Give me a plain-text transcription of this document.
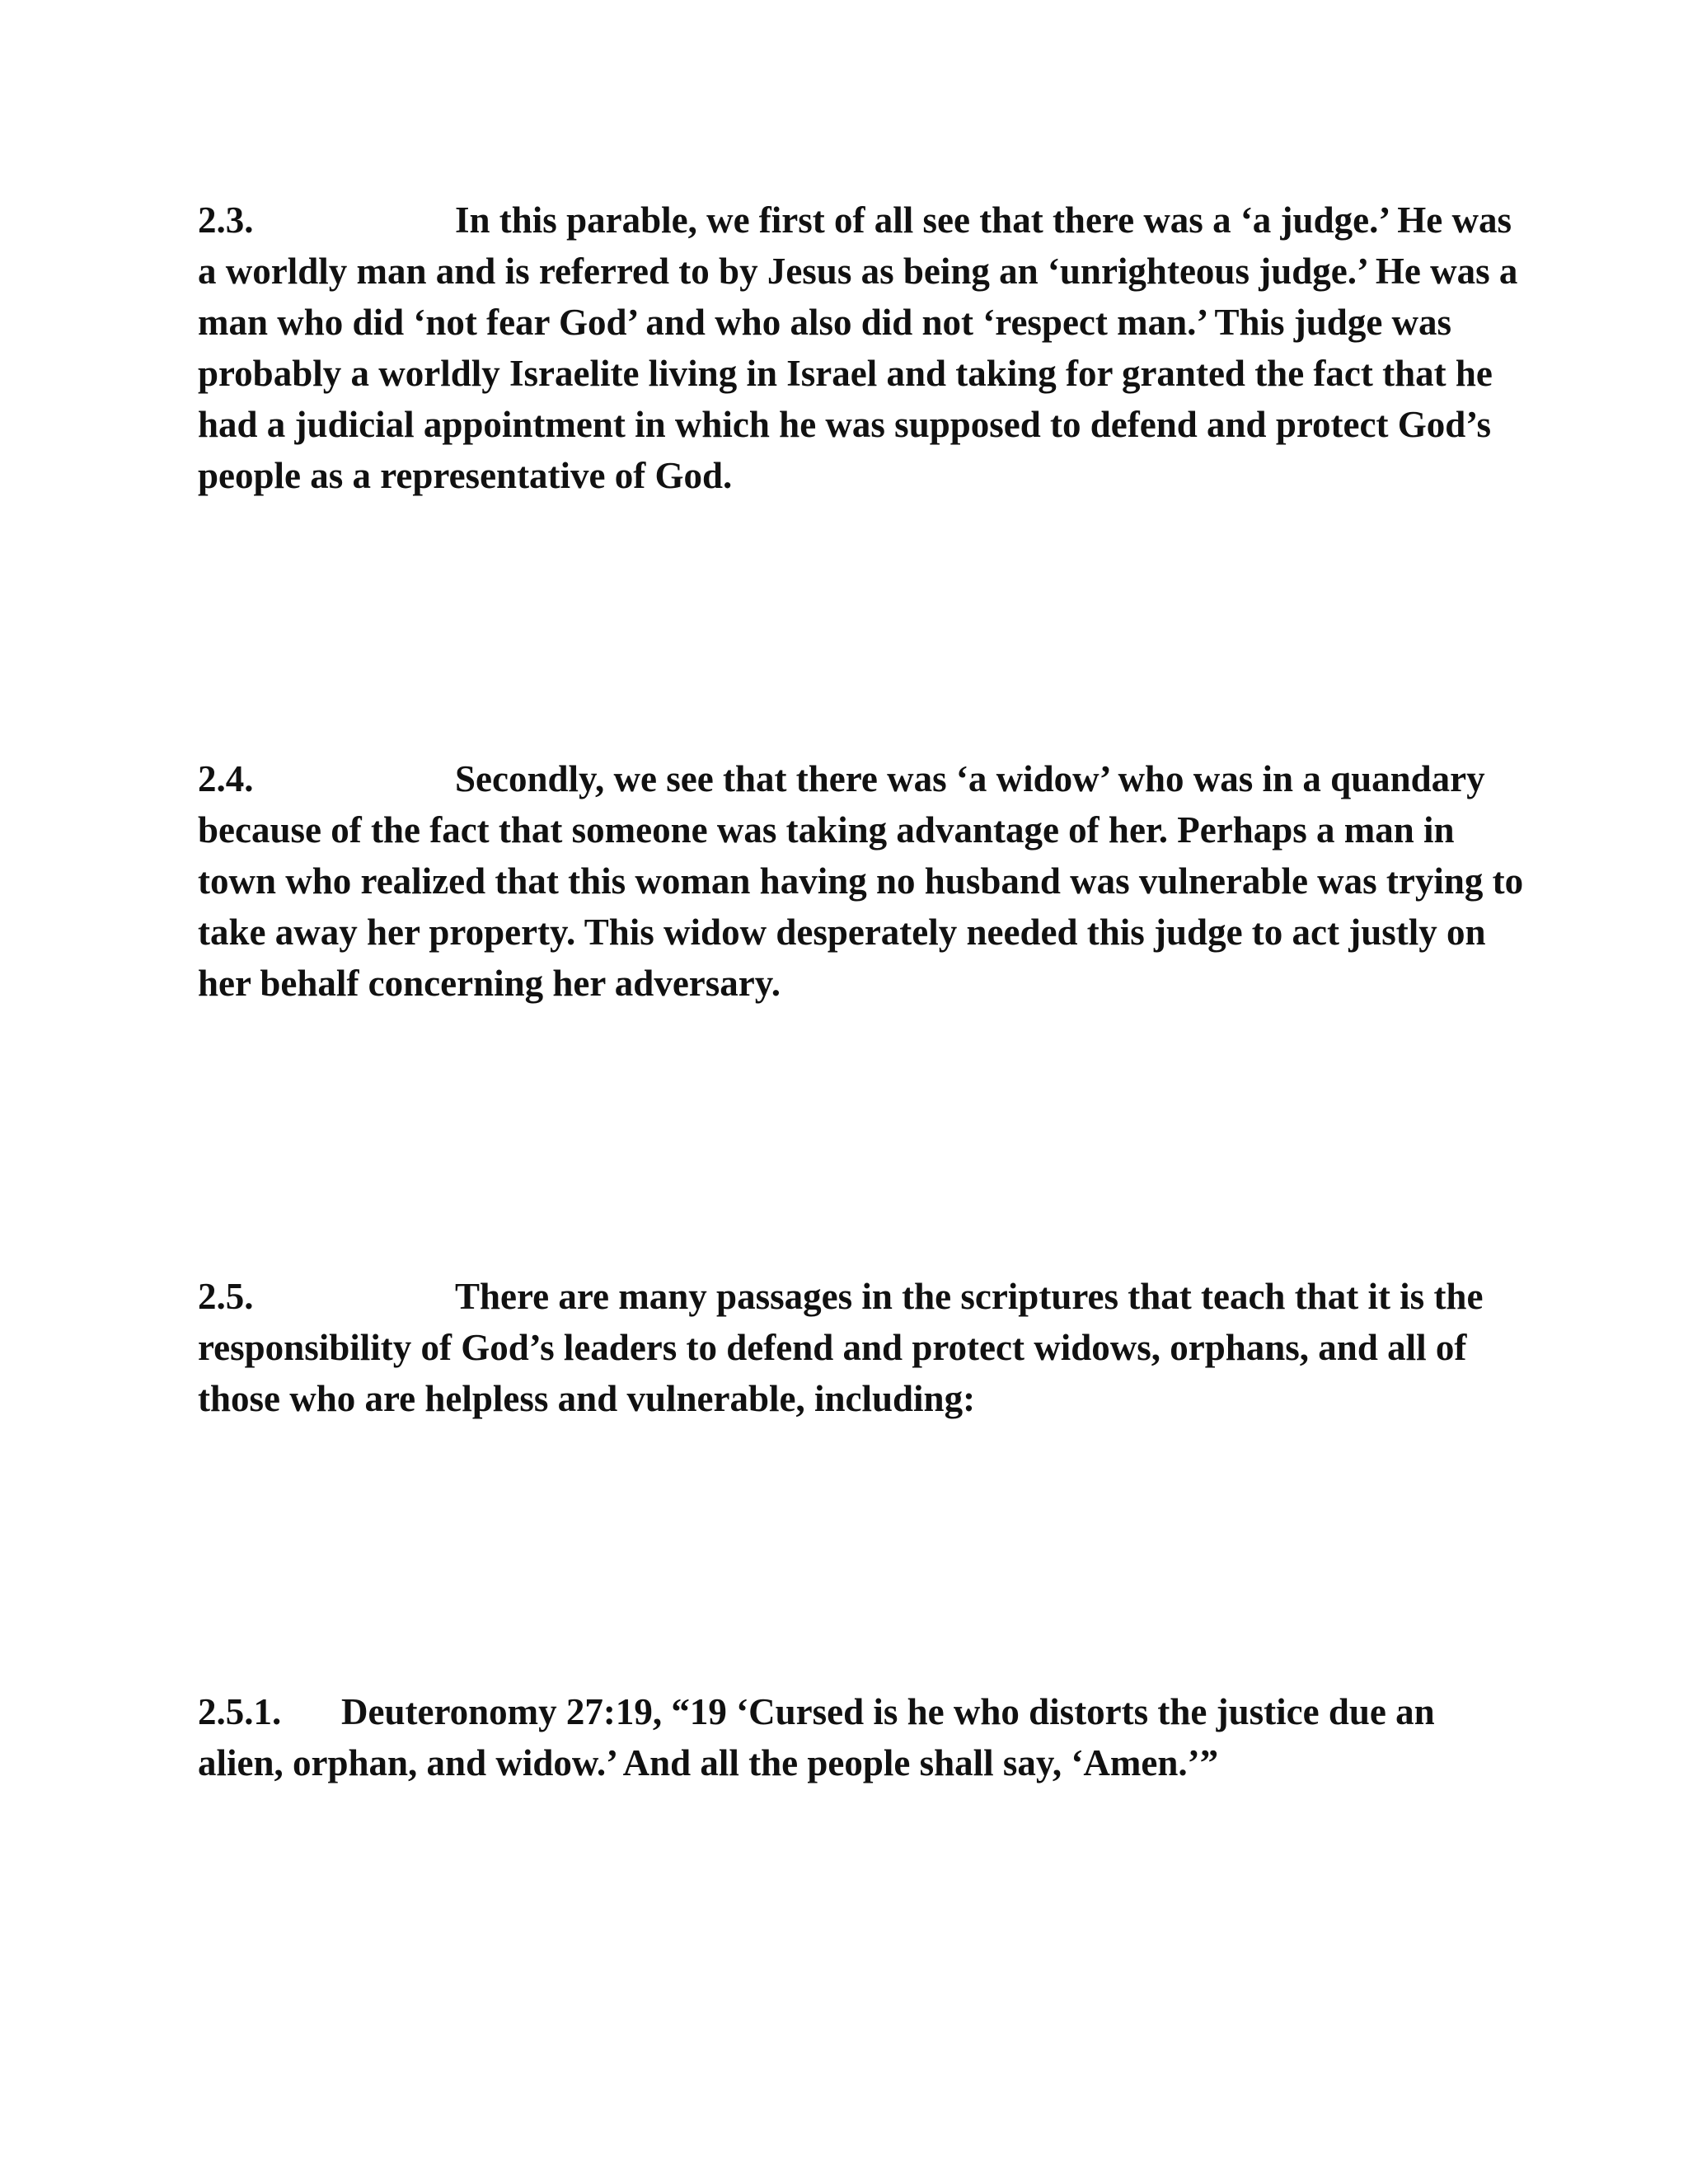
2.3.	In this parable, we first of all see that there was a ‘a judge.’ He was a worldly man and is referred to by Jesus as being an ‘unrighteous judge.’ He was a man who did ‘not fear God’ and who also did not ‘respect man.’ This judge was probably a worldly Israelite living in Israel and taking for granted the fact that he had a judicial appointment in which he was supposed to defend and protect God’s people as a representative of God.

2.4.	Secondly, we see that there was ‘a widow’ who was in a quandary because of the fact that someone was taking advantage of her. Perhaps a man in town who realized that this woman having no husband was vulnerable was trying to take away her property. This widow desperately needed this judge to act justly on her behalf concerning her adversary.

2.5.	There are many passages in the scriptures that teach that it is the responsibility of God’s leaders to defend and protect widows, orphans, and all of those who are helpless and vulnerable, including:

2.5.1. Deuteronomy 27:19, “19 ‘Cursed is he who distorts the justice due an alien, orphan, and widow.’ And all the people shall say, ‘Amen.’”
